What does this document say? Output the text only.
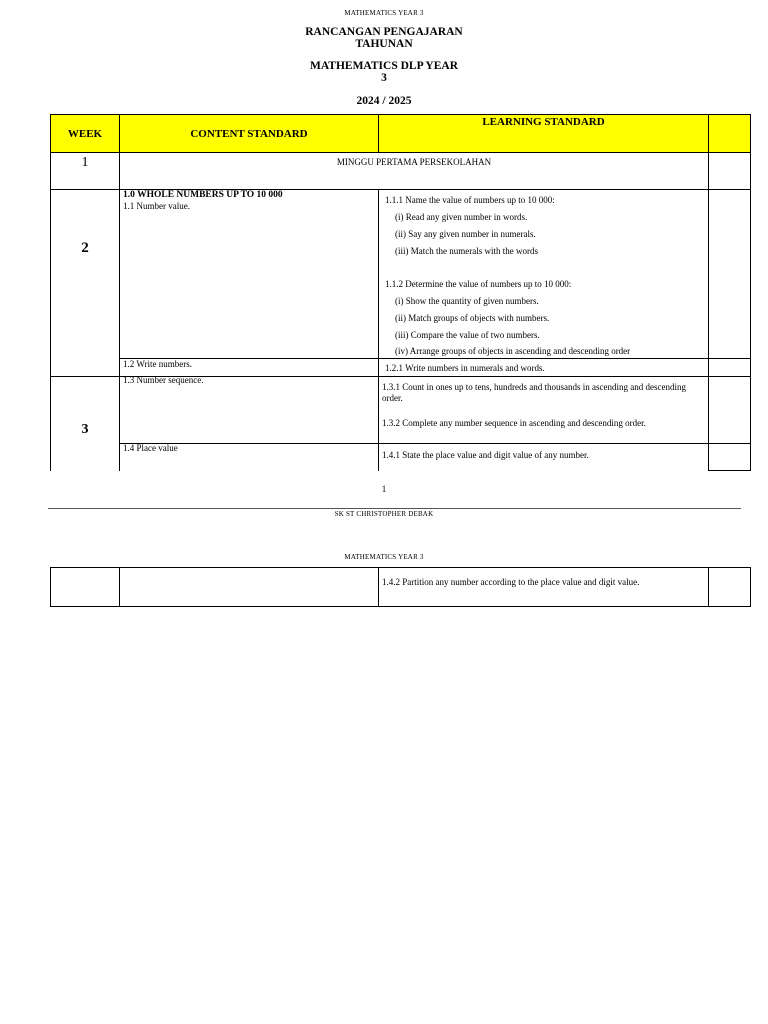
MATHEMATICS YEAR 3
RANCANGAN PENGAJARAN
TAHUNAN
MATHEMATICS DLP YEAR
3
2024 / 2025
WEEK	CONTENT STANDARD
LEARNING STANDARD
1	MINGGU PERTAMA PERSEKOLAHAN
2
1.0 WHOLE NUMBERS UP TO 10 000
1.1 Number value.
1.2 Write numbers.
1.1.1 Name the value of numbers up to 10 000:
(i) Read any given number in words.
(ii) Say any given number in numerals.
(iii) Match the numerals with the words
1.1.2 Determine the value of numbers up to 10 000:
(i) Show the quantity of given numbers.
(ii) Match groups of objects with numbers.
(iii) Compare the value of two numbers.
(iv) Arrange groups of objects in ascending and descending order
1.2.1 Write numbers in numerals and words.
3
1.3 Number sequence.
1.4 Place value
1.3.1 Count in ones up to tens, hundreds and thousands in ascending and descending order.
1.3.2 Complete any number sequence in ascending and descending order.
1.4.1 State the place value and digit value of any number.
1
SK ST CHRISTOPHER DEBAK
MATHEMATICS YEAR 3
1.4.2 Partition any number according to the place value and digit value.
